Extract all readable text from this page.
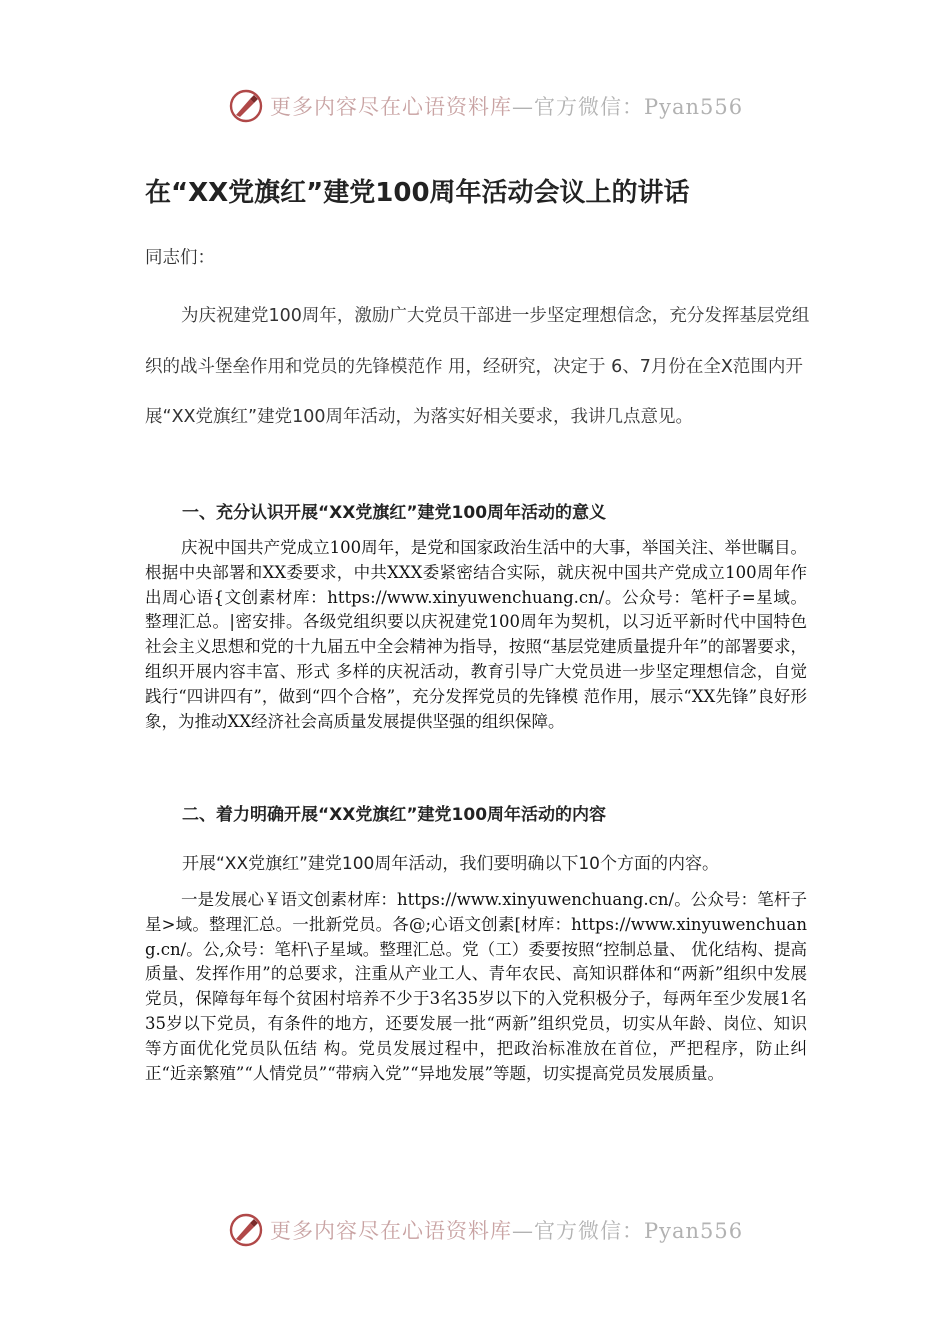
更多内容尽在心语资料库—官方微信：Pyan556
在“XX党旗红”建党100周年活动会议上的讲话
同志们：

为庆祝建党100周年，激励广大党员干部进一步坚定理想信念，充分发挥基层党组织的战斗堡垒作用和党员的先锋模范作 用，经研究，决定于 6、7月份在全X范围内开展“XX党旗红”建党100周年活动，为落实好相关要求，我讲几点意见。

一、充分认识开展“XX党旗红”建党100周年活动的意义

庆祝中国共产党成立100周年，是党和国家政治生活中的大事，举国关注、举世瞩目。根据中央部署和XX委要求，中共XXX委紧密结合实际，就庆祝中国共产党成立100周年作出周心语{文创素材库：https://www.xinyuwenchuang.cn/。公众号：笔杆子=星域。整理汇总。|密安排。各级党组织要以庆祝建党100周年为契机，以习近平新时代中国特色社会主义思想和党的十九届五中全会精神为指导，按照“基层党建质量提升年”的部署要求，组织开展内容丰富、形式 多样的庆祝活动，教育引导广大党员进一步坚定理想信念，自觉践行“四讲四有”，做到“四个合格”，充分发挥党员的先锋模 范作用，展示“XX先锋”良好形象，为推动XX经济社会高质量发展提供坚强的组织保障。

二、着力明确开展“XX党旗红”建党100周年活动的内容

开展“XX党旗红”建党100周年活动，我们要明确以下10个方面的内容。

一是发展心￥语文创素材库：https://www.xinyuwenchuang.cn/。公众号：笔杆子星>域。整理汇总。一批新党员。各@;心语文创素[材库：https://www.xinyuwenchuang.cn/。公,众号：笔杆\子星域。整理汇总。党（工）委要按照“控制总量、 优化结构、提高质量、发挥作用”的总要求，注重从产业工人、青年农民、高知识群体和“两新”组织中发展党员，保障每年每个贫困村培养不少于3名35岁以下的入党积极分子，每两年至少发展1名35岁以下党员，有条件的地方，还要发展一批“两新”组织党员，切实从年龄、岗位、知识等方面优化党员队伍结 构。党员发展过程中，把政治标准放在首位，严把程序，防止纠正“近亲繁殖”“人情党员”“带病入党”“异地发展”等题，切实提高党员发展质量。

更多内容尽在心语资料库—官方微信：Pyan556
